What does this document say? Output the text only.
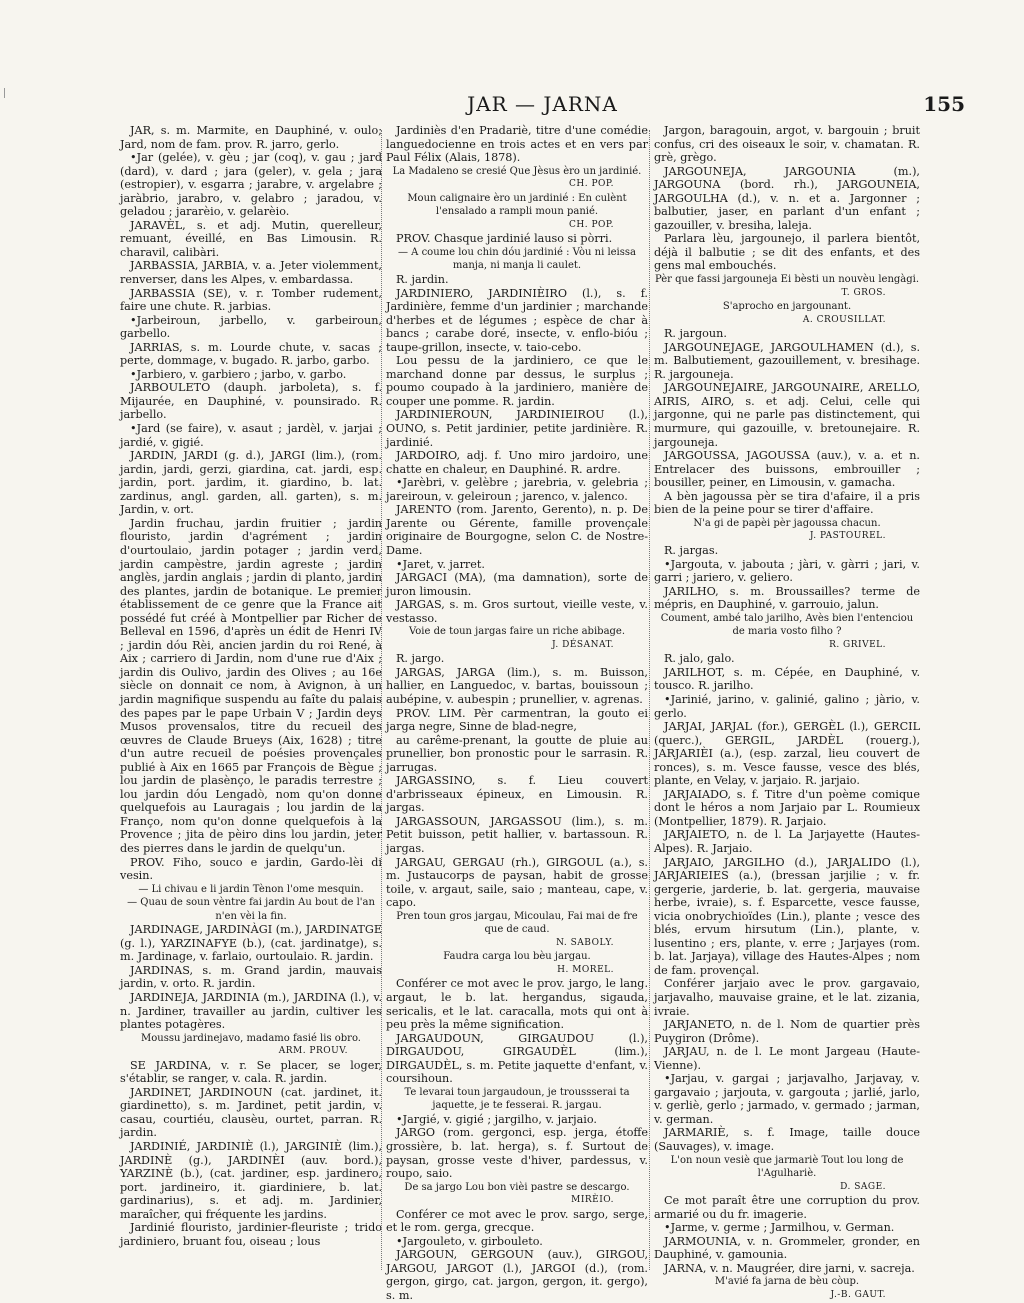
JAR — JARNA	155

JAR, s. m. Marmite, en Dauphiné, v. oulo; Jard, nom de fam. prov. R. jarro, gerlo.

•Jar (gelée), v. gèu ; jar (coq), v. gau ; jard (dard), v. dard ; jara (geler), v. gela ; jara (estropier), v. esgarra ; jarabre, v. argelabre ; jaràbrio, jarabro, v. gelabro ; jaradou, v. geladou ; jararèio, v. gelarèio.

JARAVÈL, s. et adj. Mutin, querelleur, remuant, éveillé, en Bas Limousin. R. charavil, calibàri.

JARBASSIA, JARBIA, v. a. Jeter violemment, renverser, dans les Alpes, v. embardassa.

JARBASSIA (SE), v. r. Tomber rudement, faire une chute. R. jarbias.

•Jarbeiroun, jarbello, v. garbeiroun, garbello.

JARRIAS, s. m. Lourde chute, v. sacas ; perte, dommage, v. bugado. R. jarbo, garbo.

•Jarbiero, v. garbiero ; jarbo, v. garbo.

JARBOULETO (dauph. jarboleta), s. f. Mijaurée, en Dauphiné, v. pounsirado. R. jarbello.

•Jard (se faire), v. asaut ; jardèl, v. jarjai ; jardié, v. gigié.

JARDIN, JARDI (g. d.), JARGI (lim.), (rom. jardin, jardi, gerzi, giardina, cat. jardi, esp. jardin, port. jardim, it. giardino, b. lat. zardinus, angl. garden, all. garten), s. m. Jardin, v. ort.

Jardin fruchau, jardin fruitier ; jardin flouristo, jardin d'agrément ; jardin d'ourtoulaio, jardin potager ; jardin verd, jardin campèstre, jardin agreste ; jardin anglès, jardin anglais ; jardin di planto, jardin des plantes, jardin de botanique. Le premier établissement de ce genre que la France ait possédé fut créé à Montpellier par Richer de Belleval en 1596, d'après un édit de Henri IV ; jardin dóu Rèi, ancien jardin du roi René, à Aix ; carriero di Jardin, nom d'une rue d'Aix ; jardin dis Oulivo, jardin des Olives ; au 16e siècle on donnait ce nom, à Avignon, à un jardin magnifique suspendu au faîte du palais des papes par le pape Urbain V ; Jardin deys Musos provensalos, titre du recueil des œuvres de Claude Brueys (Aix, 1628) ; titre d'un autre recueil de poésies provençales publié à Aix en 1665 par François de Bègue ; lou jardin de plasènço, le paradis terrestre ; lou jardin dóu Lengadò, nom qu'on donne quelquefois au Lauragais ; lou jardin de la Franço, nom qu'on donne quelquefois à la Provence ; jita de pèiro dins lou jardin, jeter des pierres dans le jardin de quelqu'un.

PROV. Fiho, souco e jardin, Gardo-lèi di vesin.

— Li chivau e li jardin Tènon l'ome mesquin.

— Quau de soun vèntre fai jardin Au bout de l'an n'en vèi la fin.

JARDINAGE, JARDINÀGI (m.), JARDINATGE (g. l.), YARZINAFYE (b.), (cat. jardinatge), s. m. Jardinage, v. farlaio, ourtoulaio. R. jardin.

JARDINAS, s. m. Grand jardin, mauvais jardin, v. orto. R. jardin.

JARDINEJA, JARDINIA (m.), JARDINA (l.), v. n. Jardiner, travailler au jardin, cultiver les plantes potagères.

Moussu jardinejavo, madamo fasié lis obro.

ARM. PROUV.

SE JARDINA, v. r. Se placer, se loger, s'établir, se ranger, v. cala. R. jardin.

JARDINET, JARDINOUN (cat. jardinet, it. giardinetto), s. m. Jardinet, petit jardin, v. casau, courtiéu, clausèu, ourtet, parran. R. jardin.

JARDINIÉ, JARDINIÈ (l.), JARGINIÈ (lim.), JARDINÈ (g.), JARDINÈI (auv. bord.), YARZINÈ (b.), (cat. jardiner, esp. jardinero, port. jardineiro, it. giardiniere, b. lat. gardinarius), s. et adj. m. Jardinier, maraîcher, qui fréquente les jardins.

Jardinié flouristo, jardinier-fleuriste ; trido jardiniero, bruant fou, oiseau ; lous

Jardiniès d'en Pradariè, titre d'une comédie languedocienne en trois actes et en vers par Paul Félix (Alais, 1878).

La Madaleno se cresié Que Jèsus èro un jardinié.

CH. POP.

Moun calignaire èro un jardinié : En culènt l'ensalado a rampli moun panié.

CH. POP.

PROV. Chasque jardinié lauso si pòrri.

— A coume lou chin dóu jardinié : Vòu ni leissa manja, ni manja li caulet.

R. jardin.

JARDINIERO, JARDINIÈIRO (l.), s. f. Jardinière, femme d'un jardinier ; marchande d'herbes et de légumes ; espèce de char à bancs ; carabe doré, insecte, v. enflo-bióu ; taupe-grillon, insecte, v. taio-cebo.

Lou pessu de la jardiniero, ce que le marchand donne par dessus, le surplus ; poumo coupado à la jardiniero, manière de couper une pomme. R. jardin.

JARDINIEROUN, JARDINIEIROU (l.), OUNO, s. Petit jardinier, petite jardinière. R. jardinié.

JARDOIRO, adj. f. Uno miro jardoiro, une chatte en chaleur, en Dauphiné. R. ardre.

•Jarèbri, v. gelèbre ; jarebria, v. gelebria ; jareiroun, v. geleiroun ; jarenco, v. jalenco.

JARENTO (rom. Jarento, Gerento), n. p. De Jarente ou Gérente, famille provençale originaire de Bourgogne, selon C. de Nostre-Dame.

•Jaret, v. jarret.

JARGACI (MA), (ma damnation), sorte de juron limousin.

JARGAS, s. m. Gros surtout, vieille veste, v. vestasso.

Voie de toun jargas faire un riche abibage.

J. DÉSANAT.

R. jargo.

JARGAS, JARGA (lim.), s. m. Buisson, hallier, en Languedoc, v. bartas, bouissoun ; aubépine, v. aubespin ; prunellier, v. agrenas.

PROV. LIM. Pèr carmentran, la gouto ei jarga negre, Sinne de blad-negre,

au carême-prenant, la goutte de pluie au prunellier, bon pronostic pour le sarrasin. R. jarrugas.

JARGASSINO, s. f. Lieu couvert d'arbrisseaux épineux, en Limousin. R. jargas.

JARGASSOUN, JARGASSOU (lim.), s. m. Petit buisson, petit hallier, v. bartassoun. R. jargas.

JARGAU, GERGAU (rh.), GIRGOUL (a.), s. m. Justaucorps de paysan, habit de grosse toile, v. argaut, saile, saio ; manteau, cape, v. capo.

Pren toun gros jargau, Micoulau, Fai mai de fre que de caud.

N. SABOLY.

Faudra carga lou bèu jargau.

H. MOREL.

Conférer ce mot avec le prov. jargo, le lang. argaut, le b. lat. hergandus, sigauda, sericalis, et le lat. caracalla, mots qui ont à peu près la même signification.

JARGAUDOUN, GIRGAUDOU (l.), DIRGAUDOU, GIRGAUDÈL (lim.), DIRGAUDÈL, s. m. Petite jaquette d'enfant, v. coursihoun.

Te levarai toun jargaudoun, je troussserai ta jaquette, je te fesserai. R. jargau.

•Jargié, v. gigié ; jargilho, v. jarjaio.

JARGO (rom. gergonci, esp. jerga, étoffe grossière, b. lat. herga), s. f. Surtout de paysan, grosse veste d'hiver, pardessus, v. roupo, saio.

De sa jargo Lou bon vièi pastre se descargo.

MIRÈIO.

Conférer ce mot avec le prov. sargo, serge, et le rom. gerga, grecque.

•Jargouleto, v. girbouleto.

JARGOUN, GERGOUN (auv.), GIRGOU, JARGOU, JARGOT (l.), JARGOI (d.), (rom. gergon, girgo, cat. jargon, gergon, it. gergo), s. m.

Jargon, baragouin, argot, v. bargouin ; bruit confus, cri des oiseaux le soir, v. chamatan. R. grè, grègo.

JARGOUNEJA, JARGOUNIA (m.), JARGOUNA (bord. rh.), JARGOUNEIA, JARGOULHA (d.), v. n. et a. Jargonner ; balbutier, jaser, en parlant d'un enfant ; gazouiller, v. bresiha, laleja.

Parlara lèu, jargounejo, il parlera bientôt, déjà il balbutie ; se dit des enfants, et des gens mal embouchés.

Pèr que fassi jargouneja Ei bèsti un nouvèu lengàgi.

T. GROS.

S'aprocho en jargounant.

A. CROUSILLAT.

R. jargoun.

JARGOUNEJAGE, JARGOULHAMEN (d.), s. m. Balbutiement, gazouillement, v. bresihage. R. jargouneja.

JARGOUNEJAIRE, JARGOUNAIRE, ARELLO, AIRIS, AIRO, s. et adj. Celui, celle qui jargonne, qui ne parle pas distinctement, qui murmure, qui gazouille, v. bretounejaire. R. jargouneja.

JARGOUSSA, JAGOUSSA (auv.), v. a. et n. Entrelacer des buissons, embrouiller ; bousiller, peiner, en Limousin, v. gamacha.

A bèn jagoussa pèr se tira d'afaire, il a pris bien de la peine pour se tirer d'affaire.

N'a gi de papèi pèr jagoussa chacun.

J. PASTOUREL.

R. jargas.

•Jargouta, v. jabouta ; jàri, v. gàrri ; jari, v. garri ; jariero, v. geliero.

JARILHO, s. m. Broussailles? terme de mépris, en Dauphiné, v. garrouio, jalun.

Coument, ambé talo jarilho, Avès bien l'entenciou de maria vosto filho ?

R. GRIVEL.

R. jalo, galo.

JARILHOT, s. m. Cépée, en Dauphiné, v. tousco. R. jarilho.

•Jarinié, jarino, v. galinié, galino ; jàrio, v. gerlo.

JARJAI, JARJAL (for.), GERGÈL (l.), GERCIL (querc.), GERGIL, JARDÈL (rouerg.), JARJARIÈI (a.), (esp. zarzal, lieu couvert de ronces), s. m. Vesce fausse, vesce des blés, plante, en Velay, v. jarjaio. R. jarjaio.

JARJAIADO, s. f. Titre d'un poème comique dont le héros a nom Jarjaio par L. Roumieux (Montpellier, 1879). R. Jarjaio.

JARJAIETO, n. de l. La Jarjayette (Hautes-Alpes). R. Jarjaio.

JARJAIO, JARGILHO (d.), JARJALIDO (l.), JARJARIEIES (a.), (bressan jarjilie ; v. fr. gergerie, jarderie, b. lat. gergeria, mauvaise herbe, ivraie), s. f. Esparcette, vesce fausse, vicia onobrychioïdes (Lin.), plante ; vesce des blés, ervum hirsutum (Lin.), plante, v. lusentino ; ers, plante, v. erre ; Jarjayes (rom. b. lat. Jarjaya), village des Hautes-Alpes ; nom de fam. provençal.

Conférer jarjaio avec le prov. gargavaio, jarjavalho, mauvaise graine, et le lat. zizania, ivraie.

JARJANETO, n. de l. Nom de quartier près Puygiron (Drôme).

JARJAU, n. de l. Le mont Jargeau (Haute-Vienne).

•Jarjau, v. gargai ; jarjavalho, Jarjavay, v. gargavaio ; jarjouta, v. gargouta ; jarlié, jarlo, v. gerliè, gerlo ; jarmado, v. germado ; jarman, v. german.

JARMARIÈ, s. f. Image, taille douce (Sauvages), v. image.

L'on noun vesiè que jarmariè Tout lou long de l'Agulhariè.

D. SAGE.

Ce mot paraît être une corruption du prov. armarié ou du fr. imagerie.

•Jarme, v. germe ; Jarmilhou, v. German.

JARMOUNIA, v. n. Grommeler, gronder, en Dauphiné, v. gamounia.

JARNA, v. n. Maugréer, dire jarni, v. sacreja.

M'avié fa jarna de bèu còup.

J.-B. GAUT.
